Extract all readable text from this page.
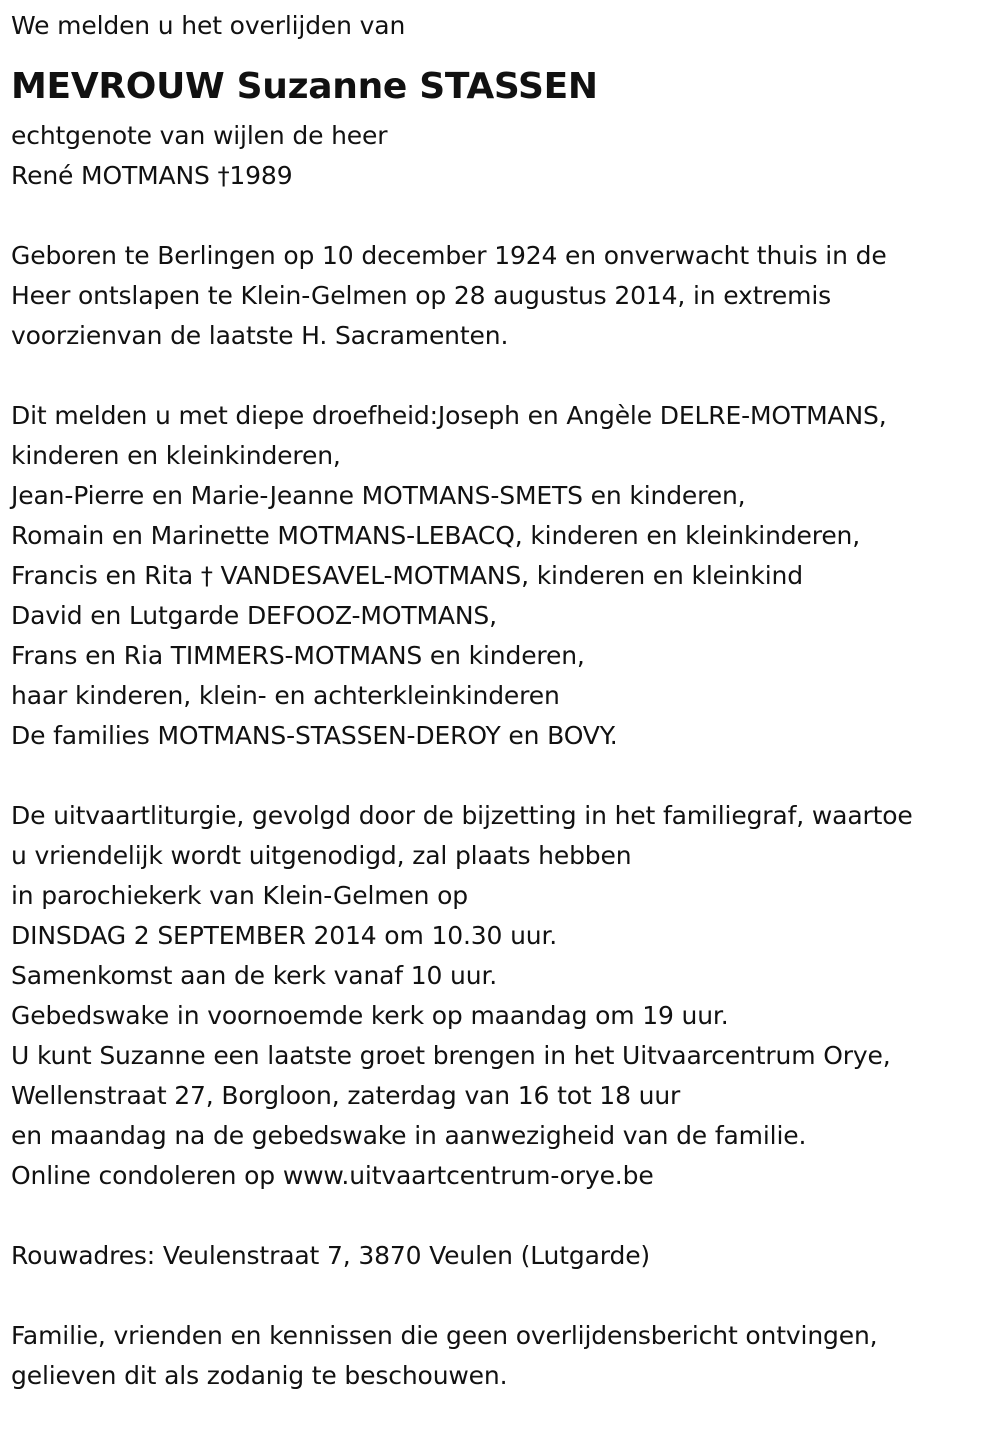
We melden u het overlijden van
MEVROUW Suzanne STASSEN
echtgenote van wijlen de heer
René MOTMANS †1989
Geboren te Berlingen op 10 december 1924 en onverwacht thuis in de
Heer ontslapen te Klein-Gelmen op 28 augustus 2014, in extremis
voorzienvan de laatste H. Sacramenten.
Dit melden u met diepe droefheid:Joseph en Angèle DELRE-MOTMANS,
kinderen en kleinkinderen,
Jean-Pierre en Marie-Jeanne MOTMANS-SMETS en kinderen,
Romain en Marinette MOTMANS-LEBACQ, kinderen en kleinkinderen,
Francis en Rita † VANDESAVEL-MOTMANS, kinderen en kleinkind
David en Lutgarde DEFOOZ-MOTMANS,
Frans en Ria TIMMERS-MOTMANS en kinderen,
haar kinderen, klein- en achterkleinkinderen
De families MOTMANS-STASSEN-DEROY en BOVY.
De uitvaartliturgie, gevolgd door de bijzetting in het familiegraf, waartoe
u vriendelijk wordt uitgenodigd, zal plaats hebben
in parochiekerk van Klein-Gelmen op
DINSDAG 2 SEPTEMBER 2014 om 10.30 uur.
Samenkomst aan de kerk vanaf 10 uur.
Gebedswake in voornoemde kerk op maandag om 19 uur.
U kunt Suzanne een laatste groet brengen in het Uitvaarcentrum Orye,
Wellenstraat 27, Borgloon, zaterdag van 16 tot 18 uur
en maandag na de gebedswake in aanwezigheid van de familie.
Online condoleren op www.uitvaartcentrum-orye.be
Rouwadres: Veulenstraat 7, 3870 Veulen (Lutgarde)
Familie, vrienden en kennissen die geen overlijdensbericht ontvingen,
gelieven dit als zodanig te beschouwen.
